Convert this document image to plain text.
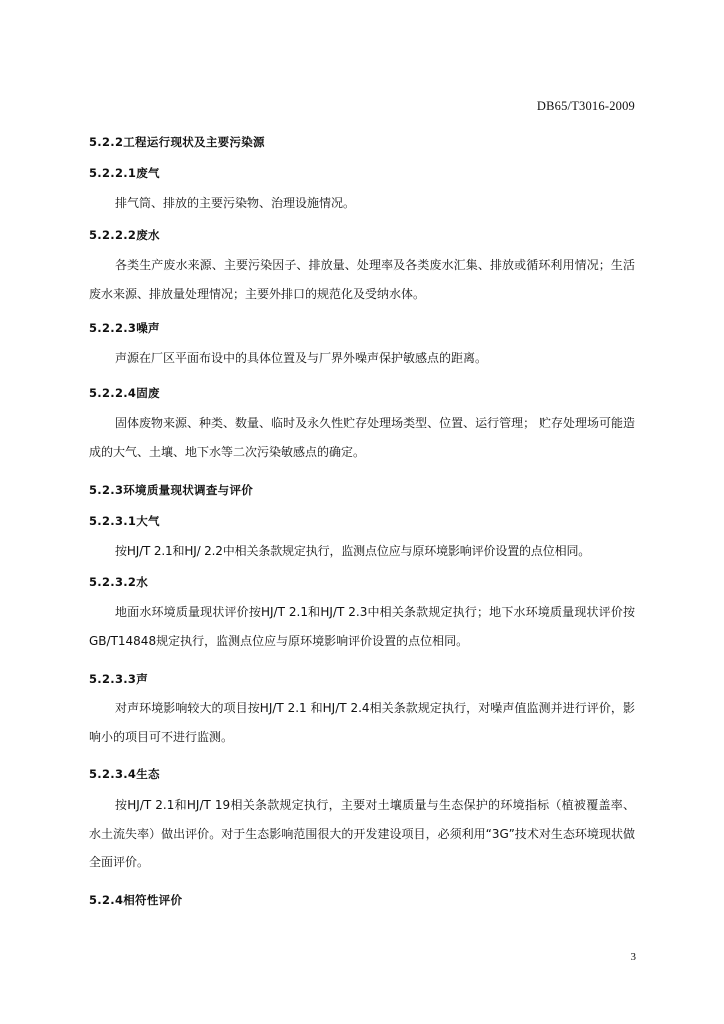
DB65/T3016-2009
5.2.2工程运行现状及主要污染源
5.2.2.1废气

排气筒、排放的主要污染物、治理设施情况。

5.2.2.2废水

各类生产废水来源、主要污染因子、排放量、处理率及各类废水汇集、排放或循环利用情况；生活废水来源、排放量处理情况；主要外排口的规范化及受纳水体。

5.2.2.3噪声

声源在厂区平面布设中的具体位置及与厂界外噪声保护敏感点的距离。

5.2.2.4固废

固体废物来源、种类、数量、临时及永久性贮存处理场类型、位置、运行管理； 贮存处理场可能造成的大气、土壤、地下水等二次污染敏感点的确定。

5.2.3环境质量现状调查与评价
5.2.3.1大气

按HJ/T 2.1和HJ/ 2.2中相关条款规定执行，监测点位应与原环境影响评价设置的点位相同。

5.2.3.2水

地面水环境质量现状评价按HJ/T 2.1和HJ/T 2.3中相关条款规定执行；地下水环境质量现状评价按GB/T14848规定执行，监测点位应与原环境影响评价设置的点位相同。

5.2.3.3声

对声环境影响较大的项目按HJ/T 2.1 和HJ/T 2.4相关条款规定执行，对噪声值监测并进行评价，影响小的项目可不进行监测。

5.2.3.4生态

按HJ/T 2.1和HJ/T 19相关条款规定执行，主要对土壤质量与生态保护的环境指标（植被覆盖率、水土流失率）做出评价。对于生态影响范围很大的开发建设项目，必须利用“3G”技术对生态环境现状做全面评价。

5.2.4相符性评价
3
